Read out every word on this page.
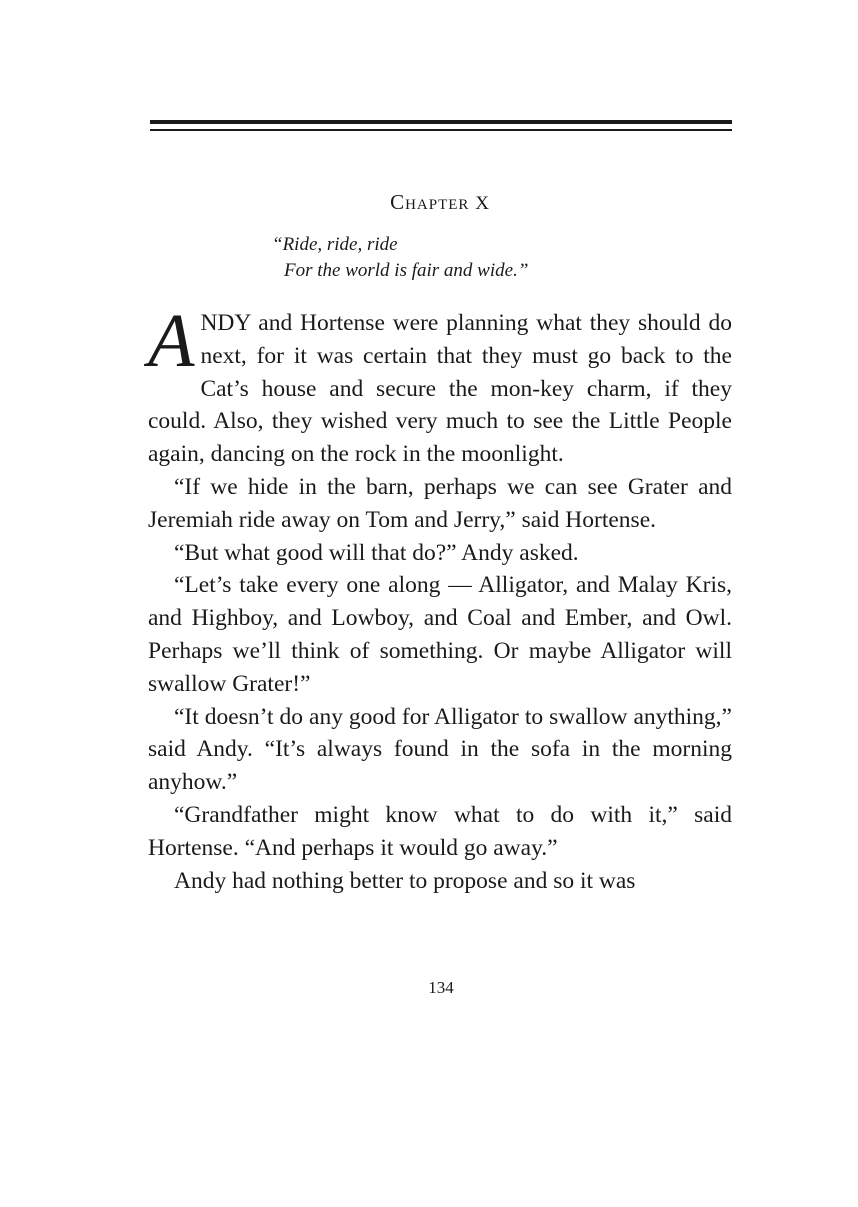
CHAPTER X
“Ride, ride, ride
For the world is fair and wide.”

ANDY and Hortense were planning what they should do next, for it was certain that they must go back to the Cat’s house and secure the mon-key charm, if they could. Also, they wished very much to see the Little People again, dancing on the rock in the moonlight.

“If we hide in the barn, perhaps we can see Grater and Jeremiah ride away on Tom and Jerry,” said Hortense.

“But what good will that do?” Andy asked.

“Let’s take every one along — Alligator, and Malay Kris, and Highboy, and Lowboy, and Coal and Ember, and Owl. Perhaps we’ll think of something. Or maybe Alligator will swallow Grater!”

“It doesn’t do any good for Alligator to swallow anything,” said Andy. “It’s always found in the sofa in the morning anyhow.”

“Grandfather might know what to do with it,” said Hortense. “And perhaps it would go away.”

Andy had nothing better to propose and so it was

134
